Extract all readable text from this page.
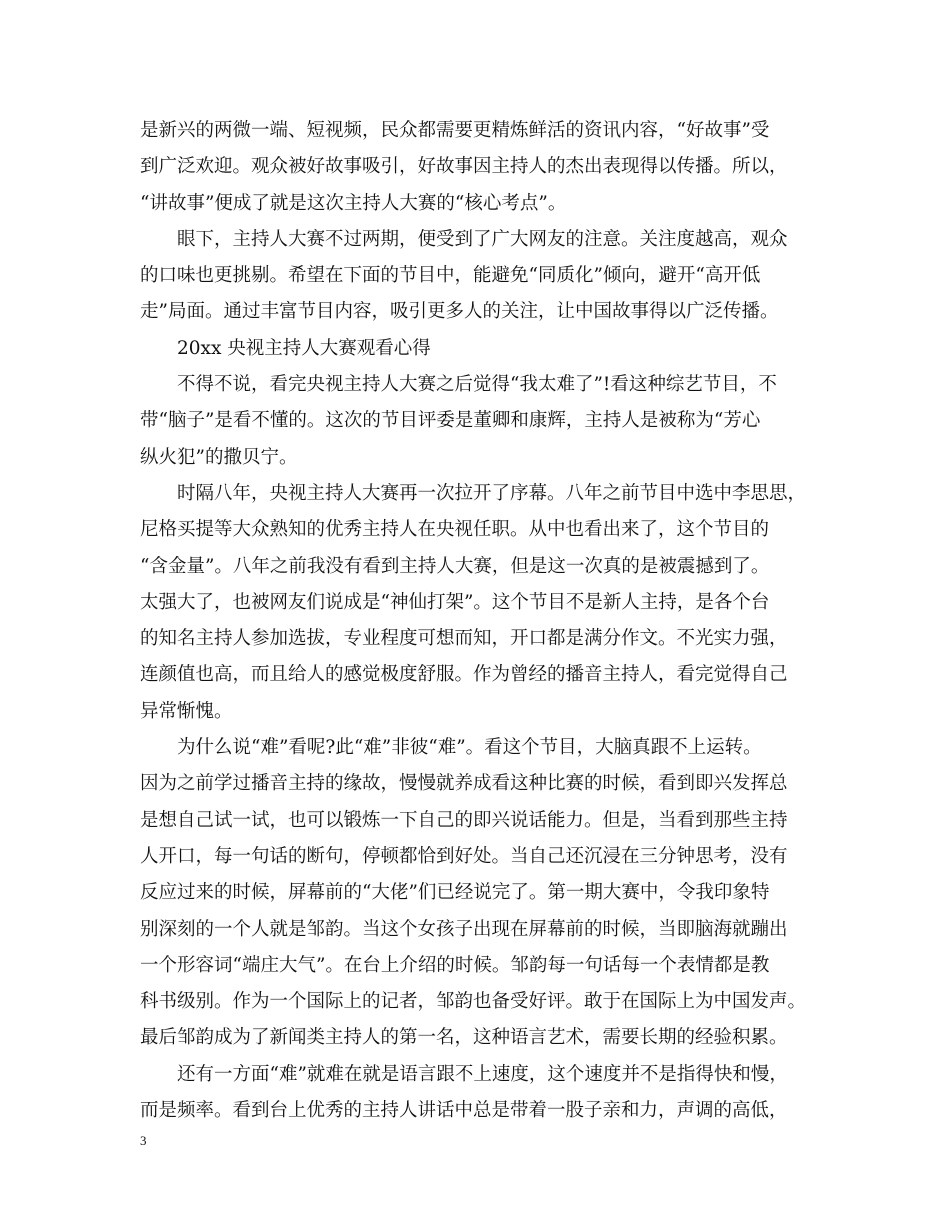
是新兴的两微一端、短视频，民众都需要更精炼鲜活的资讯内容，“好故事”受
到广泛欢迎。观众被好故事吸引，好故事因主持人的杰出表现得以传播。所以，
“讲故事”便成了就是这次主持人大赛的“核心考点”。
眼下，主持人大赛不过两期，便受到了广大网友的注意。关注度越高，观众
的口味也更挑剔。希望在下面的节目中，能避免“同质化”倾向，避开“高开低
走”局面。通过丰富节目内容，吸引更多人的关注，让中国故事得以广泛传播。
20xx 央视主持人大赛观看心得
不得不说，看完央视主持人大赛之后觉得“我太难了”!看这种综艺节目，不
带“脑子”是看不懂的。这次的节目评委是董卿和康辉，主持人是被称为“芳心
纵火犯”的撒贝宁。
时隔八年，央视主持人大赛再一次拉开了序幕。八年之前节目中选中李思思，
尼格买提等大众熟知的优秀主持人在央视任职。从中也看出来了，这个节目的
“含金量”。八年之前我没有看到主持人大赛，但是这一次真的是被震撼到了。
太强大了，也被网友们说成是“神仙打架”。这个节目不是新人主持，是各个台
的知名主持人参加选拔，专业程度可想而知，开口都是满分作文。不光实力强，
连颜值也高，而且给人的感觉极度舒服。作为曾经的播音主持人，看完觉得自己
异常惭愧。
为什么说“难”看呢?此“难”非彼“难”。看这个节目，大脑真跟不上运转。
因为之前学过播音主持的缘故，慢慢就养成看这种比赛的时候，看到即兴发挥总
是想自己试一试，也可以锻炼一下自己的即兴说话能力。但是，当看到那些主持
人开口，每一句话的断句，停顿都恰到好处。当自己还沉浸在三分钟思考，没有
反应过来的时候，屏幕前的“大佬”们已经说完了。第一期大赛中，令我印象特
别深刻的一个人就是邹韵。当这个女孩子出现在屏幕前的时候，当即脑海就蹦出
一个形容词“端庄大气”。在台上介绍的时候。邹韵每一句话每一个表情都是教
科书级别。作为一个国际上的记者，邹韵也备受好评。敢于在国际上为中国发声。
最后邹韵成为了新闻类主持人的第一名，这种语言艺术，需要长期的经验积累。
还有一方面“难”就难在就是语言跟不上速度，这个速度并不是指得快和慢，
而是频率。看到台上优秀的主持人讲话中总是带着一股子亲和力，声调的高低，
3
